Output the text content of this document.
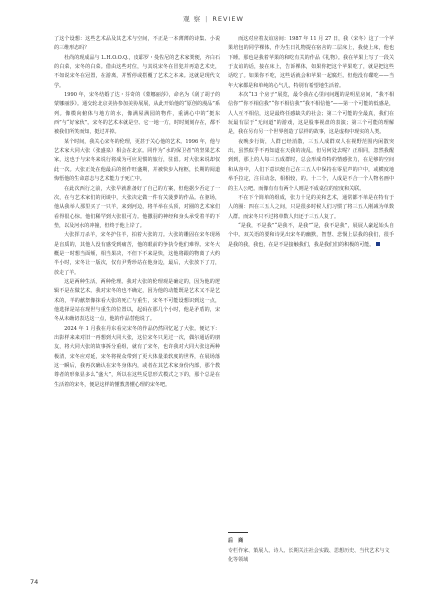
观 察 | REVIEW

了这个设想：这些艺术品及其艺术与空间，不正是一本薄薄的诗集、小说的三维形态吗？

杜尚的现成品与 L.H.O.O.Q.，皮耶罗・曼佐尼的艺术家粪便，齐白石的白菜，宋冬的白菜。借由这些对位，与其说宋冬在冒犯并再造艺术史，不如说宋冬在冠置，在游离，并暂停或搭覆了艺术之本来。这就是现代文学。

1990 年，宋冬结婚了达・芬奇的《蒙娜丽莎》，命名为《刮了胡子的蒙娜丽莎》。通交轮北京美协参加美协展展，从此开始他的“原创的漫品”系列。像模向俯体与地方的水，像满屋满园的物件，重满心中的“挺东西”与“好家伙”。宋冬的艺术本就是空、它一地一方，时时刻刻存在，都不被我们所笑而知，挺过并掉。

某个时间，我关心宋冬的伦理，更甚于关心他的艺术。1996 年，他与艺术家大同大张（张盛泉）相会在北京。同作为“水的保卫者”的坚果艺术家，这也于与宋冬来说行将成为可应见惯的旅行，驻留。对大张来说却仅此一次。大张正处在他最后的创作旺盛期，并被快步入棺柩，长期的阅道悔悟他的生命意志与艺术能力于死亡中。

在此次西行之前，大张早就准备好了自己的方案，但他据少否定了一次，在与艺术家们的闭谈中，大张决定做一件有关菠萝的作品。在驱场，他从我举人那里买了一只羊，来到河边，将羊举在头顶，对圈的艺术家们看得很心惊。他们稀罕到大张很可力。他撒羽的神经和身头承受着羊的下垫，以及河水的冲撞，但终于他上岸了。

大张挥刀杀羊，宋冬护住羊，拍着大张的刀。大张的雕固在宋冬现场是盲质的，其他人没有感受到痛苦，他的眼前的争执令他们难得。宋冬大概是一时想当面颊，相当果决，不但下不来是快，这他将跟的物离了大约半小时，宋冬让一版次，仅有尹秀珍站在他身边，最后，大张放下了刀，放走了羊。

这是两种生活，两种伦理。我对大张的伦理观是确定的，因为他的逻辑不是在做艺术。我对宋冬的也不确定，因为他的动能既是艺术又不是艺术的，羊的献祭像抹看大张的死亡与重生，宋冬不可能设想识到这一点，他选择是站在现世与重生的位置以，起码在那几个小时，他是矛盾的，宋冬从未确切表达这一点，他的作品替他说了。

2024 年 1 月我在丹东看完宋冬的作品仍然回忆起了大张。便记下：出影样来来对旧一再想到大同大张，这位宋冬只见过一次，偶尔通话的朋友，将大同大张的故事拆分重组，就有了宋冬，也许我对大同大张这两种极清，宋冬应对延，宋冬将视众带到了更大体量柔软度的世界，在展场落这一瞬后，我再次确认在宋冬身体内，或者在其艺术家身份内部，那个教尊者的形象显多么“盛大”，所以在这些反思形式模式之下的，那个总是在生活着的宋冬，便是这样的懂教善懂心理的宋冬吧。

而这对应着友谊房间：1987 年 11 月 27 日，我（宋冬）这了一个苹果培包的同学裸体，作为生日礼物提在宿舍的二层床上，我使上床，他也下睡。那也是我着苹果的和吃有关的作品《礼物》。我在苹果上写了一段关于友谊的话，接在床上，告诉裸体，如果你把这个苹果吃了，就是把这些话吃了。如果你不吃，这些话就会和苹果一起腐烂。但他没有碟吃——当年大家都是和单纯的心气儿，特别有希望地生活着。

本次“13 个房子”展览，最令我在心里问问题的是明星房间，“我不相信你”“你不相信我”“你不相信我”“我不相信他”——第一个可能的低感是，人人互不相信，这是最终任感缺失的社会；第二个可能的全最真，我们在玩最有层于“无间道”的游戏，这是股事视盘的表演；第三个可能的理解是，我在另有另一个世界创造了层样的故事，这是虚构中现实的人类。

夜晚步行街，人群已经消散，三五人成群双人在视野范围内闲散突出，虽然似乎不再知道在天我的凌乱，但另何处去呢？正相同，忽然我醒到到，那上的人每三五成群时，总会形成奇特的情感张力，在足够的空间和从容中，人们下意识便自己在三五人中保持在零星声的户中，或横度地举手拉定，注目动念，相相较，的。十二个，人成是不合一个人物名画中的主人公吧。而像有有有两个人则是不成桌位的密度和关联。

不在下个简单的组成，张力十足的美和艺术，通常都不单是在特有于人的圈：四在三五人之间，只是很多时候人们习惯了将三五人刚减为单数人群。而宋冬只不过将单数人归还于三五人复了。

“是我，不是我”“是我不，是我”“是，我不是我”，展展人豪起始头自个中。双关语的要和诗见出宋冬的幽默，智慧、悲悯上层我的我们，很手是我的我，我也，在是不是接触我们，我是我们们的积极的可能。

后　商
专栏作家、策展人、诗人、长期关注社会实践、思想历史、当代艺术与文化等领域
74
